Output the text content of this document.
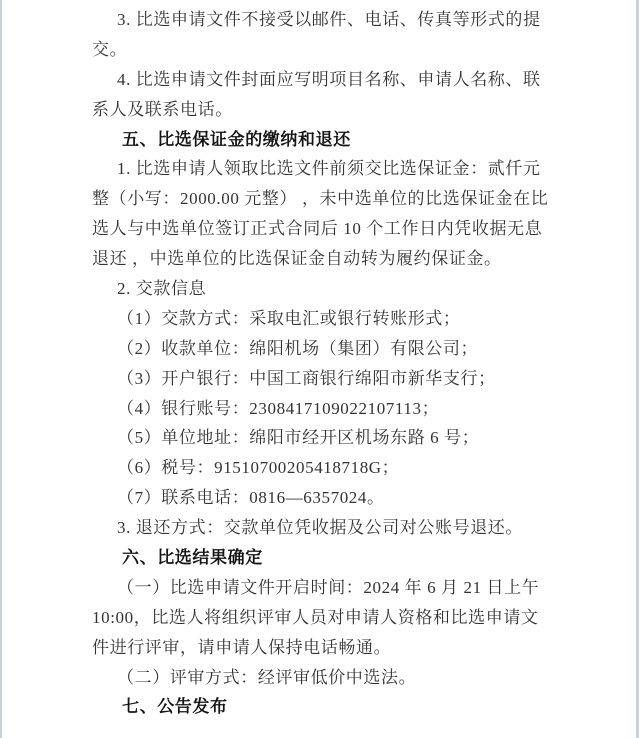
3. 比选申请文件不接受以邮件、电话、传真等形式的提
交。
4. 比选申请文件封面应写明项目名称、申请人名称、联
系人及联系电话。
五、比选保证金的缴纳和退还
1. 比选申请人领取比选文件前须交比选保证金：贰仟元
整（小写：2000.00 元整） ，未中选单位的比选保证金在比
选人与中选单位签订正式合同后 10 个工作日内凭收据无息
退还 ，中选单位的比选保证金自动转为履约保证金。
2. 交款信息
（1）交款方式：采取电汇或银行转账形式；
（2）收款单位：绵阳机场（集团）有限公司；
（3）开户银行：中国工商银行绵阳市新华支行；
（4）银行账号：2308417109022107113；
（5）单位地址：绵阳市经开区机场东路 6 号；
（6）税号：91510700205418718G；
（7）联系电话：0816—6357024。
3. 退还方式：交款单位凭收据及公司对公账号退还。
六、比选结果确定
（一）比选申请文件开启时间：2024 年 6 月 21 日上午
10:00，比选人将组织评审人员对申请人资格和比选申请文
件进行评审，请申请人保持电话畅通。
（二）评审方式：经评审低价中选法。
七、公告发布
